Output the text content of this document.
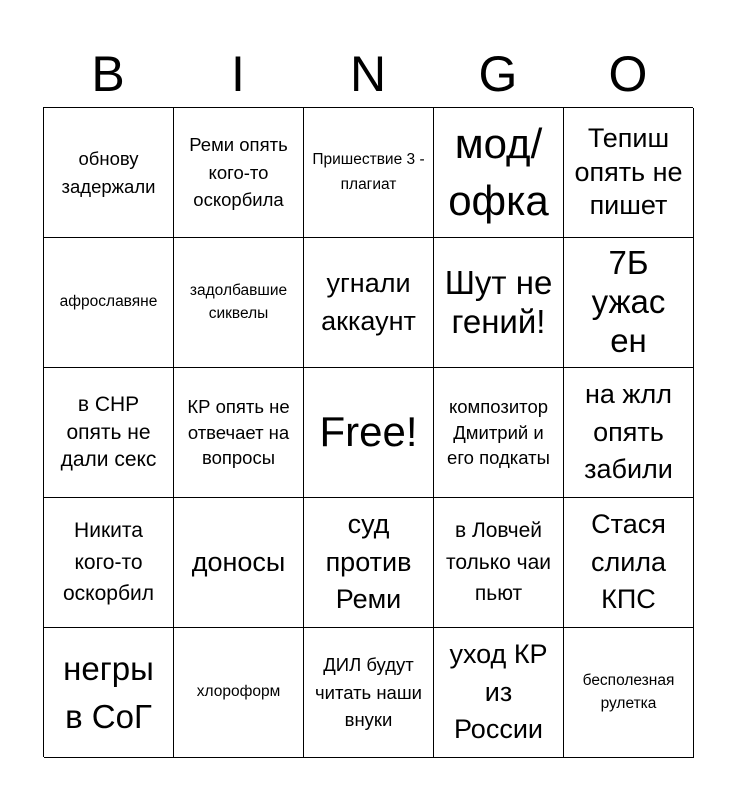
B	I	N	G	O
обнову задержали
Реми опять кого-то оскорбила
Пришествие 3 - плагиат
мод/офка
Тепиш опять не пишет
афрославяне
задолбавшие сиквелы
угнали аккаунт
Шут не гений!
7Б ужасен
в СНР опять не дали секс
КР опять не отвечает на вопросы
Free!
композитор Дмитрий и его подкаты
на жлл опять забили
Никита кого-то оскорбил
доносы
суд против Реми
в Ловчей только чаи пьют
Стася слила КПС
негры в СоГ
хлороформ
ДИЛ будут читать наши внуки
уход КР из России
бесполезная рулетка
